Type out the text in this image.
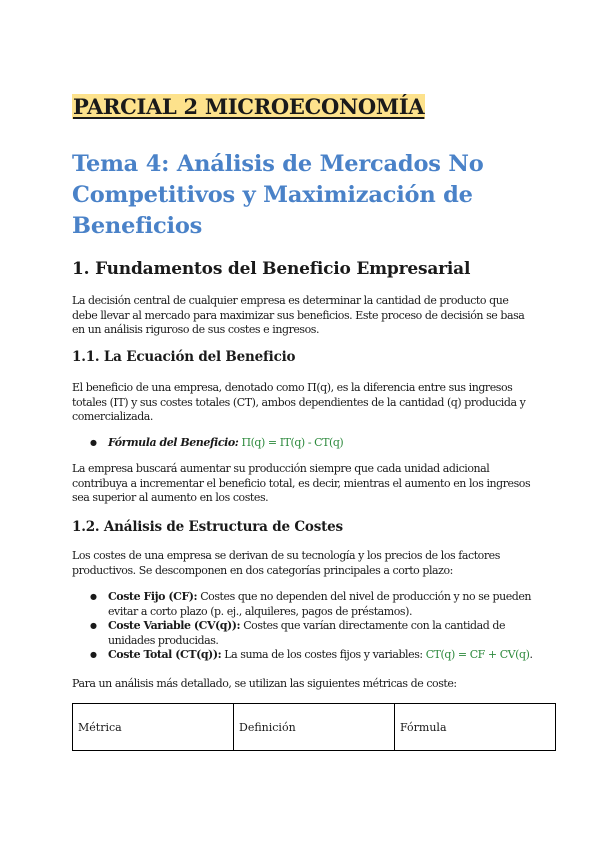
PARCIAL 2 MICROECONOMÍA
Tema 4: Análisis de Mercados No Competitivos y Maximización de Beneficios
1. Fundamentos del Beneficio Empresarial
La decisión central de cualquier empresa es determinar la cantidad de producto que debe llevar al mercado para maximizar sus beneficios. Este proceso de decisión se basa en un análisis riguroso de sus costes e ingresos.
1.1. La Ecuación del Beneficio
El beneficio de una empresa, denotado como Π(q), es la diferencia entre sus ingresos totales (IT) y sus costes totales (CT), ambos dependientes de la cantidad (q) producida y comercializada.
● Fórmula del Beneficio: Π(q) = IT(q) - CT(q)
La empresa buscará aumentar su producción siempre que cada unidad adicional contribuya a incrementar el beneficio total, es decir, mientras el aumento en los ingresos sea superior al aumento en los costes.
1.2. Análisis de Estructura de Costes
Los costes de una empresa se derivan de su tecnología y los precios de los factores productivos. Se descomponen en dos categorías principales a corto plazo:
● Coste Fijo (CF): Costes que no dependen del nivel de producción y no se pueden evitar a corto plazo (p. ej., alquileres, pagos de préstamos).
● Coste Variable (CV(q)): Costes que varían directamente con la cantidad de unidades producidas.
● Coste Total (CT(q)): La suma de los costes fijos y variables: CT(q) = CF + CV(q).
Para un análisis más detallado, se utilizan las siguientes métricas de coste:
Métrica	Definición	Fórmula
